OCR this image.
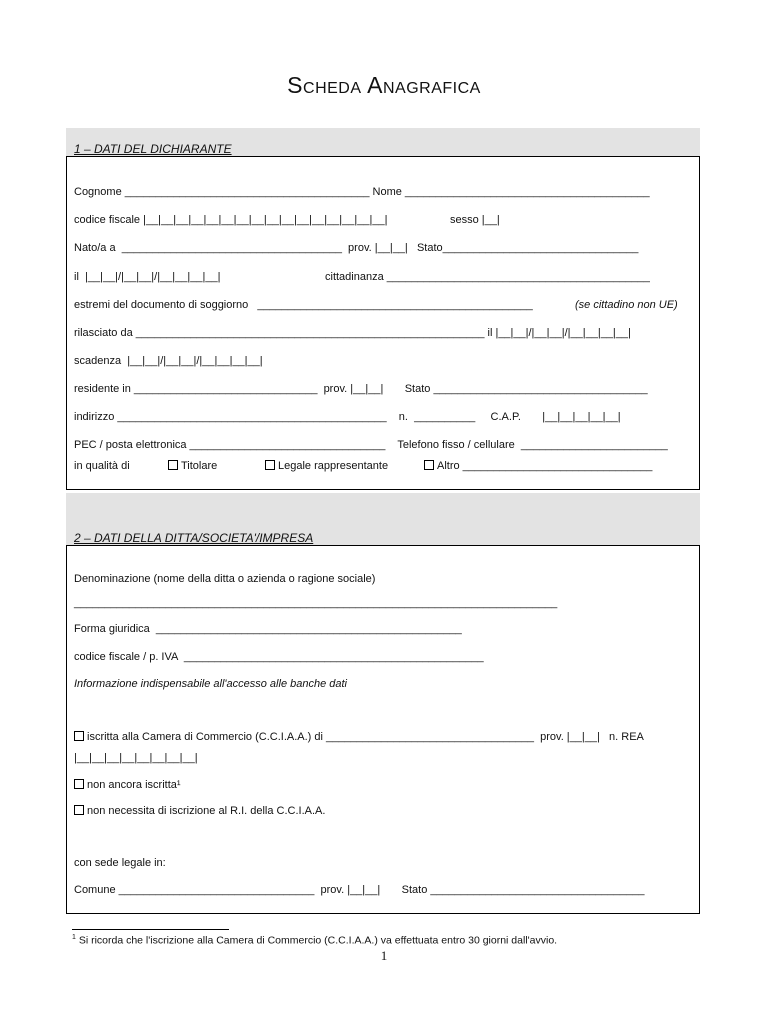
Scheda Anagrafica
1 – DATI DEL DICHIARANTE
Cognome ________________________________________ Nome ________________________________________
codice fiscale |__|__|__|__|__|__|__|__|__|__|__|__|__|__|__|__|	sesso |__|
Nato/a a  ____________________________________  prov. |__|__|   Stato________________________________
il  |__|__|/|__|__|/|__|__|__|__|	cittadinanza ___________________________________________
estremi del documento di soggiorno   _____________________________________________	(se cittadino non UE)
rilasciato da _________________________________________________________ il |__|__|/|__|__|/|__|__|__|__|
scadenza  |__|__|/|__|__|/|__|__|__|__|
residente in ______________________________  prov. |__|__|       Stato ___________________________________
indirizzo ____________________________________________    n.  __________     C.A.P.       |__|__|__|__|__|
PEC / posta elettronica ________________________________    Telefono fisso / cellulare  ________________________
in qualità di	Titolare	Legale rappresentante	Altro _______________________________
2 – DATI DELLA DITTA/SOCIETA'/IMPRESA
Denominazione (nome della ditta o azienda o ragione sociale)
_______________________________________________________________________________
Forma giuridica  __________________________________________________
codice fiscale / p. IVA  _________________________________________________
Informazione indispensabile all'accesso alle banche dati
iscritta alla Camera di Commercio (C.C.I.A.A.) di __________________________________  prov. |__|__|   n. REA
|__|__|__|__|__|__|__|__|
non ancora iscritta¹
non necessita di iscrizione al R.I. della C.C.I.A.A.
con sede legale in:
Comune ________________________________  prov. |__|__|       Stato ___________________________________
$^1$ Si ricorda che l'iscrizione alla Camera di Commercio (C.C.I.A.A.) va effettuata entro 30 giorni dall'avvio.
1
